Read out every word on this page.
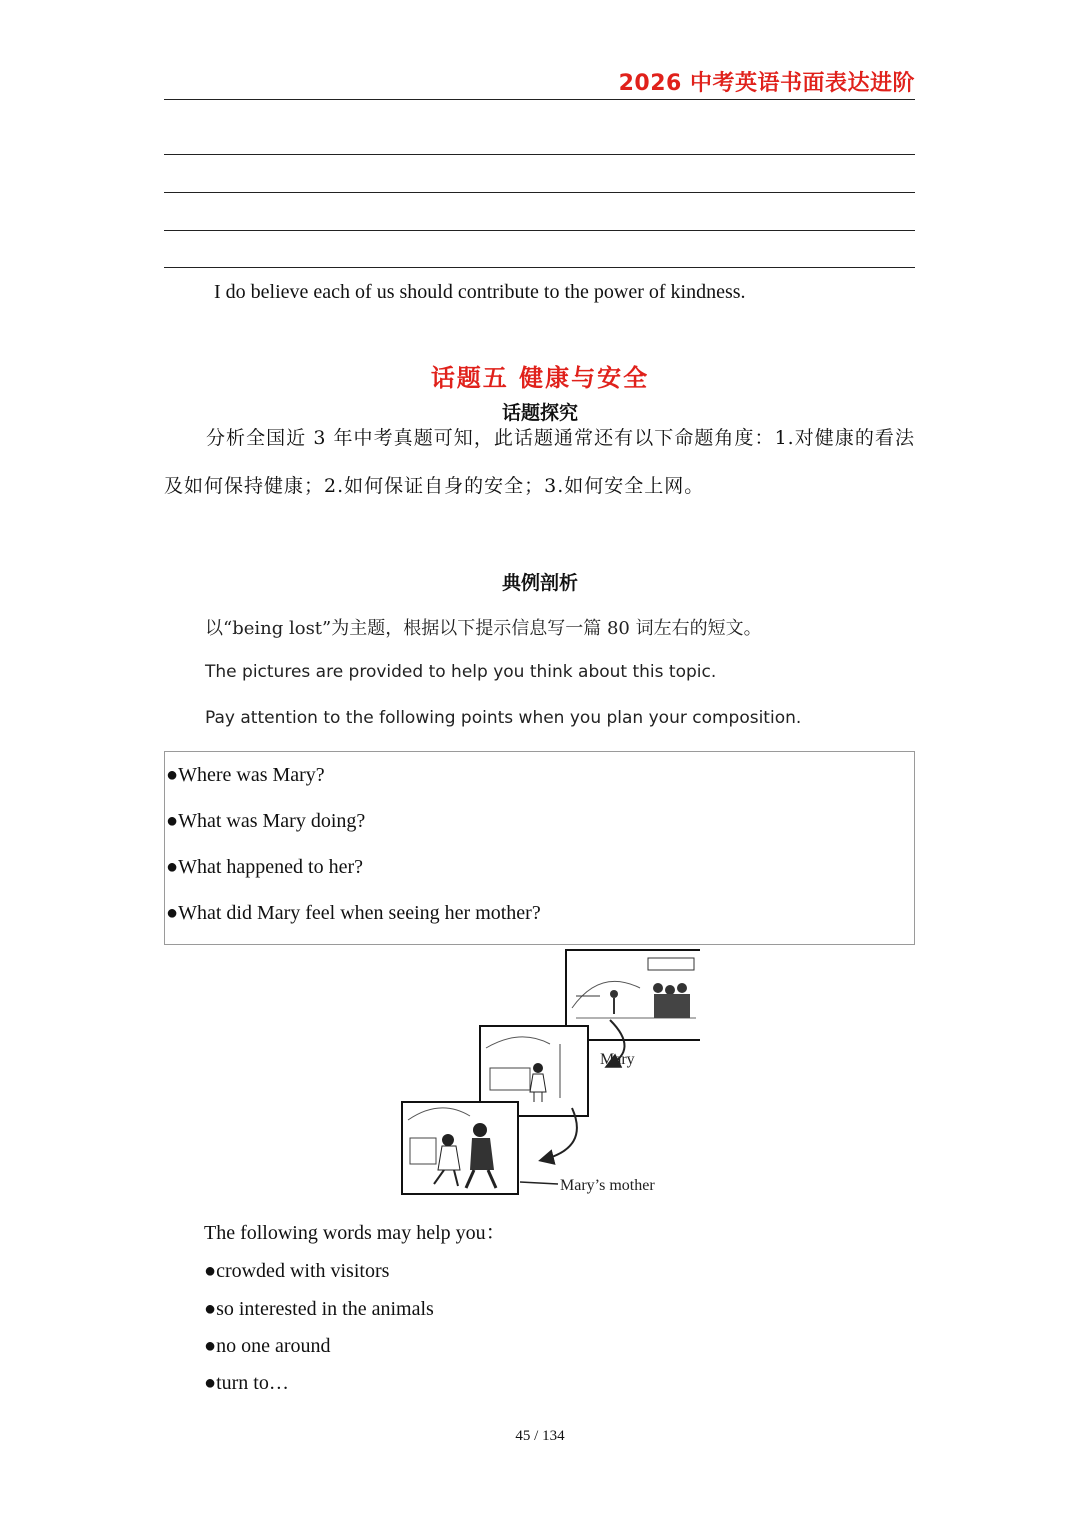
2026 中考英语书面表达进阶
I do believe each of us should contribute to the power of kindness.
话题五 健康与安全
话题探究
分析全国近 3 年中考真题可知，此话题通常还有以下命题角度：1.对健康的看法及如何保持健康；2.如何保证自身的安全；3.如何安全上网。
典例剖析
以“being lost”为主题，根据以下提示信息写一篇 80 词左右的短文。
The pictures are provided to help you think about this topic.
Pay attention to the following points when you plan your composition.
●Where was Mary?
●What was Mary doing?
●What happened to her?
●What did Mary feel when seeing her mother?
Mary
Mary’s mother
The following words may help you：
●crowded with visitors
●so interested in the animals
●no one around
●turn to…
45 / 134
